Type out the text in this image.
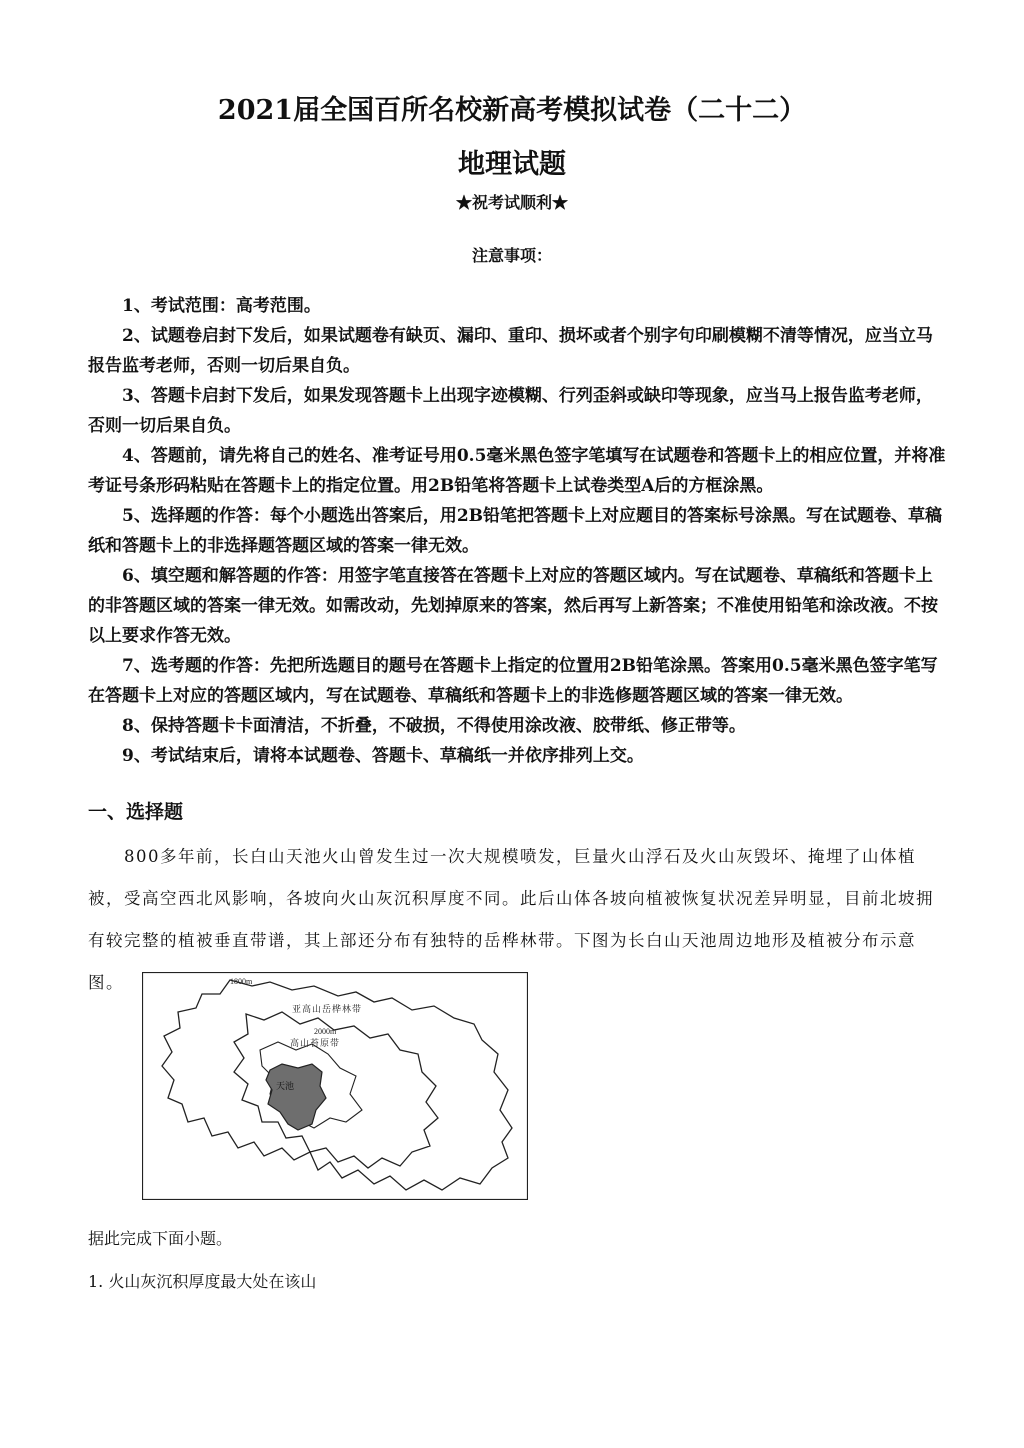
2021届全国百所名校新高考模拟试卷（二十二）
地理试题
★祝考试顺利★
注意事项：

1、考试范围：高考范围。

2、试题卷启封下发后，如果试题卷有缺页、漏印、重印、损坏或者个别字句印刷模糊不清等情况，应当立马报告监考老师，否则一切后果自负。

3、答题卡启封下发后，如果发现答题卡上出现字迹模糊、行列歪斜或缺印等现象，应当马上报告监考老师，否则一切后果自负。

4、答题前，请先将自己的姓名、准考证号用0.5毫米黑色签字笔填写在试题卷和答题卡上的相应位置，并将准考证号条形码粘贴在答题卡上的指定位置。用2B铅笔将答题卡上试卷类型A后的方框涂黑。

5、选择题的作答：每个小题选出答案后，用2B铅笔把答题卡上对应题目的答案标号涂黑。写在试题卷、草稿纸和答题卡上的非选择题答题区域的答案一律无效。

6、填空题和解答题的作答：用签字笔直接答在答题卡上对应的答题区域内。写在试题卷、草稿纸和答题卡上的非答题区域的答案一律无效。如需改动，先划掉原来的答案，然后再写上新答案；不准使用铅笔和涂改液。不按以上要求作答无效。

7、选考题的作答：先把所选题目的题号在答题卡上指定的位置用2B铅笔涂黑。答案用0.5毫米黑色签字笔写在答题卡上对应的答题区域内，写在试题卷、草稿纸和答题卡上的非选修题答题区域的答案一律无效。

8、保持答题卡卡面清洁，不折叠，不破损，不得使用涂改液、胶带纸、修正带等。

9、考试结束后，请将本试题卷、答题卡、草稿纸一并依序排列上交。

一、选择题

800多年前，长白山天池火山曾发生过一次大规模喷发，巨量火山浮石及火山灰毁坏、掩埋了山体植被，受高空西北风影响，各坡向火山灰沉积厚度不同。此后山体各坡向植被恢复状况差异明显，目前北坡拥有较完整的植被垂直带谱，其上部还分布有独特的岳桦林带。下图为长白山天池周边地形及植被分布示意图。	1800m
亚高山岳桦林带
2000m
高山苔原带
天池
据此完成下面小题。
1. 火山灰沉积厚度最大处在该山
